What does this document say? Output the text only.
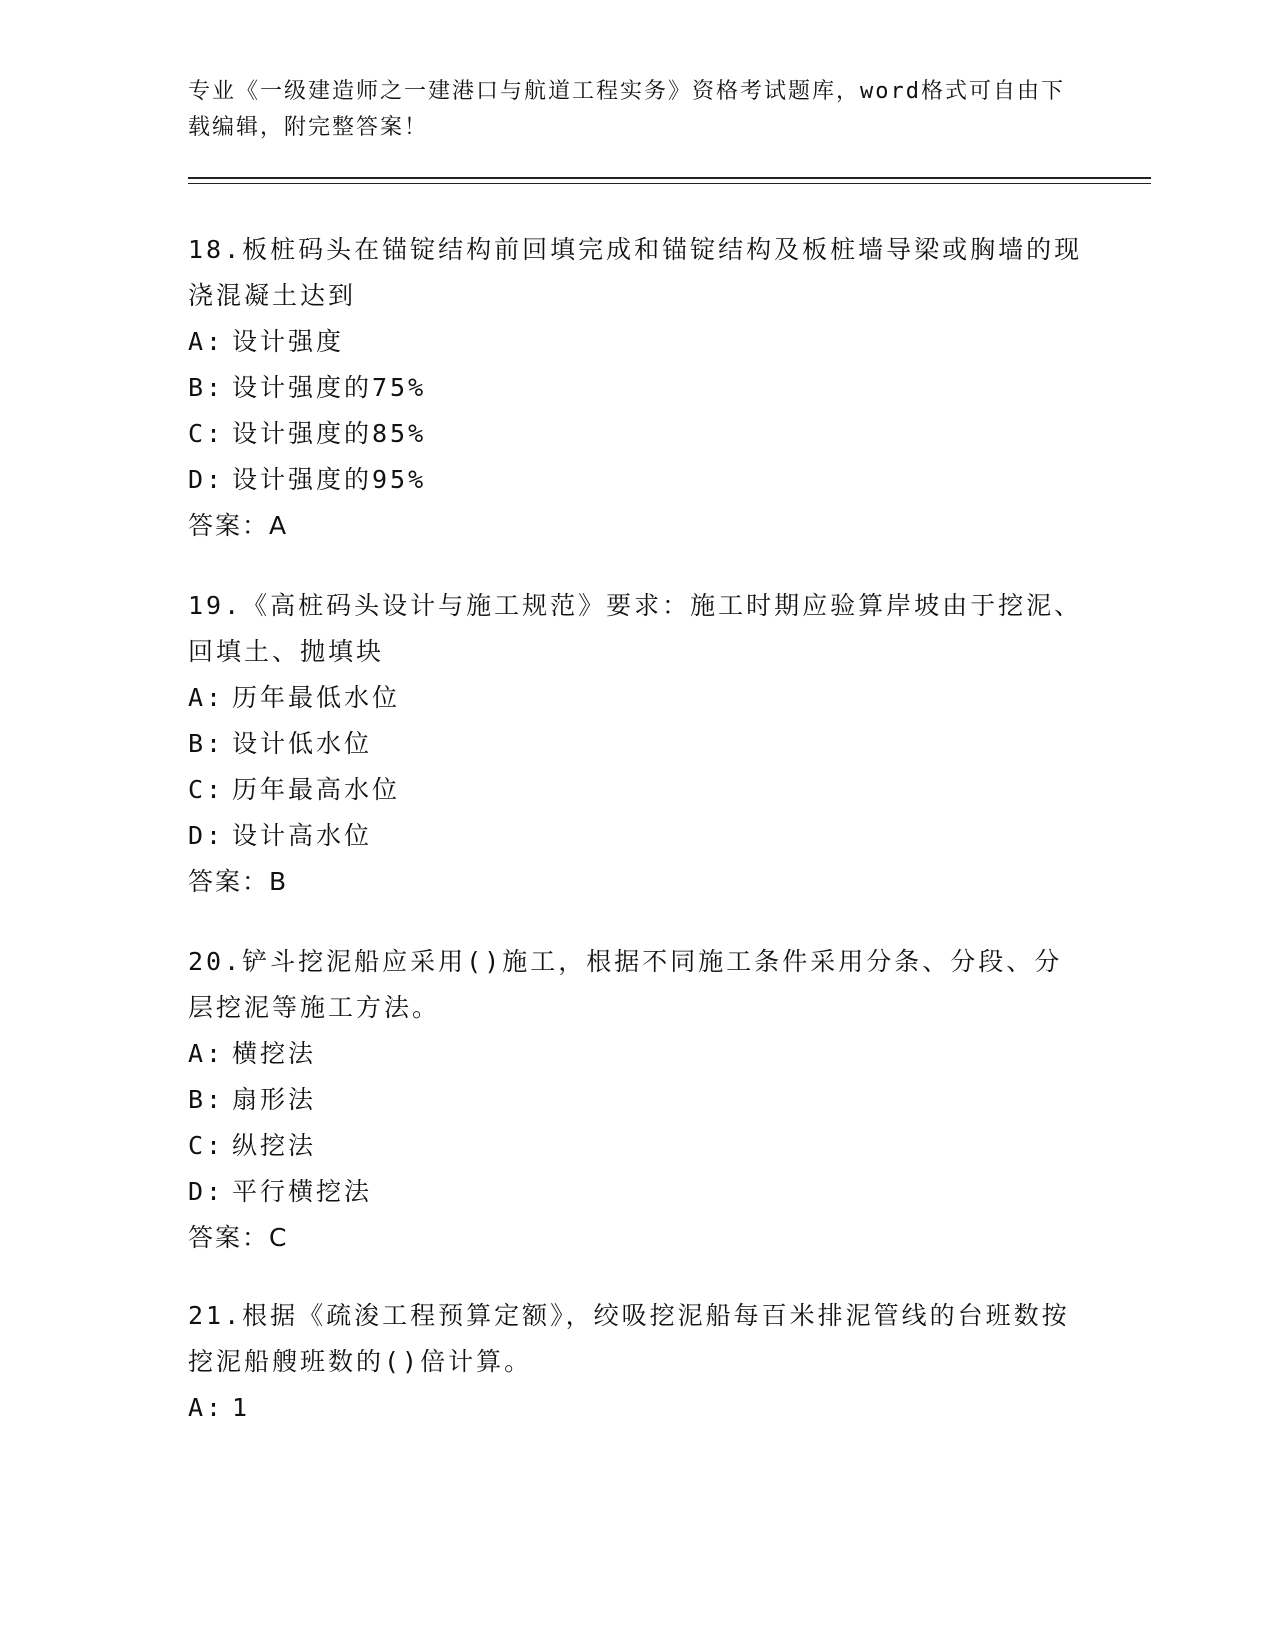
专业《一级建造师之一建港口与航道工程实务》资格考试题库，word格式可自由下载编辑，附完整答案！

18.板桩码头在锚锭结构前回填完成和锚锭结构及板桩墙导梁或胸墙的现浇混凝土达到

A: 设计强度

B: 设计强度的75%

C: 设计强度的85%

D: 设计强度的95%

答案：A

19.《高桩码头设计与施工规范》要求：施工时期应验算岸坡由于挖泥、回填土、抛填块

A: 历年最低水位

B: 设计低水位

C: 历年最高水位

D: 设计高水位

答案：B

20.铲斗挖泥船应采用()施工，根据不同施工条件采用分条、分段、分层挖泥等施工方法。

A: 横挖法

B: 扇形法

C: 纵挖法

D: 平行横挖法

答案：C

21.根据《疏浚工程预算定额》，绞吸挖泥船每百米排泥管线的台班数按挖泥船艘班数的()倍计算。

A: 1
